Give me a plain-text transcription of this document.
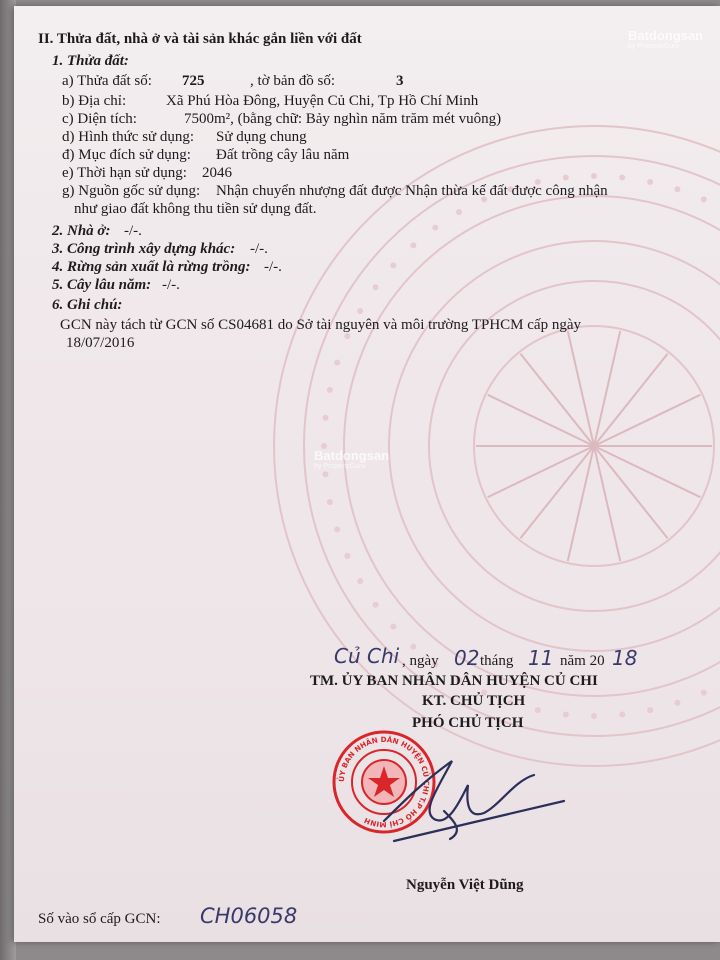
Batdongsan
by PropertyGuru
Batdongsan
by PropertyGuru
II. Thửa đất, nhà ở và tài sản khác gắn liền với đất
1. Thửa đất:
a) Thửa đất số: 725	, tờ bản đồ số:	3
b) Địa chỉ:	Xã Phú Hòa Đông, Huyện Củ Chi, Tp Hồ Chí Minh
c) Diện tích:	7500m², (bằng chữ: Bảy nghìn năm trăm mét vuông)
d) Hình thức sử dụng: Sử dụng chung
đ) Mục đích sử dụng: Đất trồng cây lâu năm
e) Thời hạn sử dụng: 2046
g) Nguồn gốc sử dụng: Nhận chuyển nhượng đất được Nhận thừa kế đất được công nhận
như giao đất không thu tiền sử dụng đất.
2. Nhà ở: -/-.
3. Công trình xây dựng khác: -/-.
4. Rừng sản xuất là rừng trồng: -/-.
5. Cây lâu năm: -/-.
6. Ghi chú:
GCN này tách từ GCN số CS04681 do Sở tài nguyên và môi trường TPHCM cấp ngày
18/07/2016
Củ Chi , ngày 02 tháng 11 năm 20 18
TM. ỦY BAN NHÂN DÂN HUYỆN CỦ CHI
KT. CHỦ TỊCH
PHÓ CHỦ TỊCH
ỦY BAN NHÂN DÂN HUYỆN CỦ CHI T.P HỒ CHÍ MINH
Nguyễn Việt Dũng
Số vào sổ cấp GCN: CH06058
